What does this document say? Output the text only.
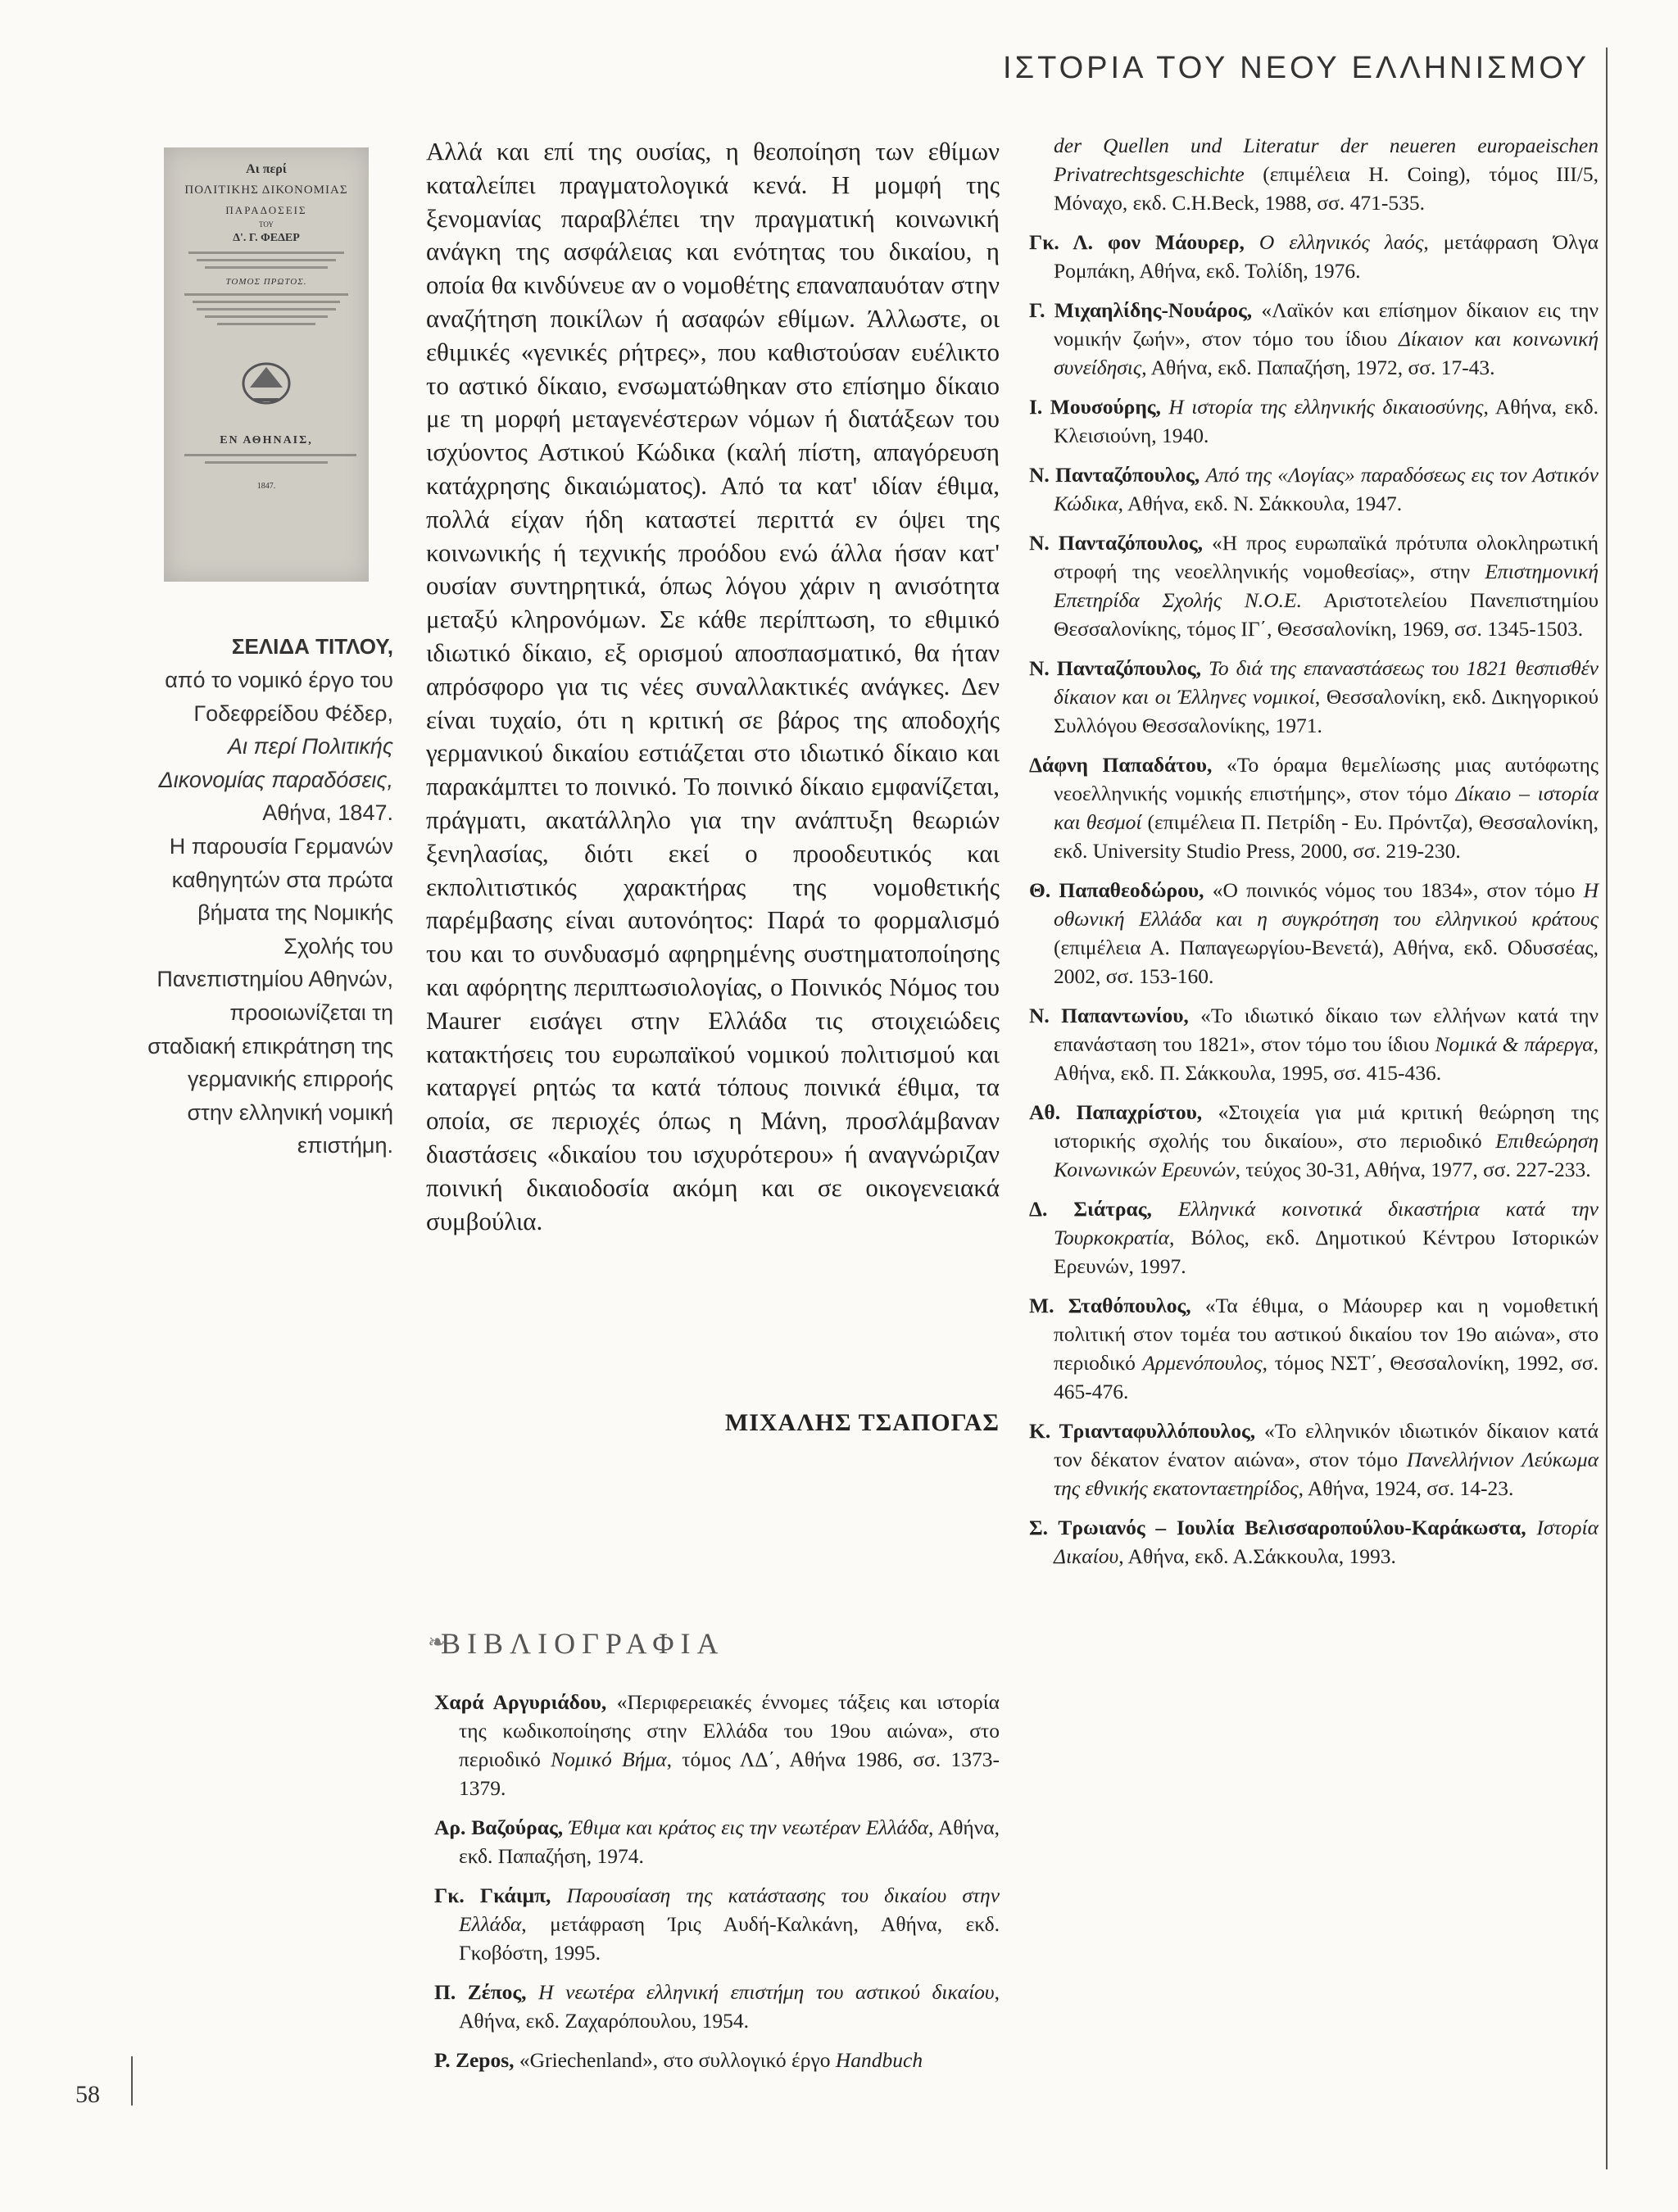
ΙΣΤΟΡΙΑ ΤΟΥ ΝΕΟΥ ΕΛΛΗΝΙΣΜΟΥ
58
Αι περί
ΠΟΛΙΤΙΚΗΣ ΔΙΚΟΝΟΜΙΑΣ
ΠΑΡΑΔΟΣΕΙΣ
ΤΟΥ
Δ'. Γ. ΦΕΔΕΡ
ΤΟΜΟΣ ΠΡΩΤΟΣ.
ΕΝ ΑΘΗΝΑΙΣ,
1847.
ΣΕΛΙΔΑ ΤΙΤΛΟΥ,
από το νομικό έργο του
Γοδεφρείδου Φέδερ,
Αι περί Πολιτικής
Δικονομίας παραδόσεις,
Αθήνα, 1847.
Η παρουσία Γερμανών
καθηγητών στα πρώτα
βήματα της Νομικής
Σχολής του
Πανεπιστημίου Αθηνών,
προοιωνίζεται τη
σταδιακή επικράτηση της
γερμανικής επιρροής
στην ελληνική νομική
επιστήμη.

Αλλά και επί της ουσίας, η θεοποίηση των εθίμων καταλείπει πραγματολογικά κενά. Η μομφή της ξενομανίας παραβλέπει την πραγματική κοινωνική ανάγκη της ασφάλειας και ενότητας του δικαίου, η οποία θα κινδύνευε αν ο νομοθέτης επαναπαυόταν στην αναζήτηση ποικίλων ή ασαφών εθίμων. Άλλωστε, οι εθιμικές «γενικές ρήτρες», που καθιστούσαν ευέλικτο το αστικό δίκαιο, ενσωματώθηκαν στο επίσημο δίκαιο με τη μορφή μεταγενέστερων νόμων ή διατάξεων του ισχύοντος Αστικού Κώδικα (καλή πίστη, απαγόρευση κατάχρησης δικαιώματος). Από τα κατ' ιδίαν έθιμα, πολλά είχαν ήδη καταστεί περιττά εν όψει της κοινωνικής ή τεχνικής προόδου ενώ άλλα ήσαν κατ' ουσίαν συντηρητικά, όπως λόγου χάριν η ανισότητα μεταξύ κληρονόμων. Σε κάθε περίπτωση, το εθιμικό ιδιωτικό δίκαιο, εξ ορισμού αποσπασματικό, θα ήταν απρόσφορο για τις νέες συναλλακτικές ανάγκες. Δεν είναι τυχαίο, ότι η κριτική σε βάρος της αποδοχής γερμανικού δικαίου εστιάζεται στο ιδιωτικό δίκαιο και παρακάμπτει το ποινικό. Το ποινικό δίκαιο εμφανίζεται, πράγματι, ακατάλληλο για την ανάπτυξη θεωριών ξενηλασίας, διότι εκεί ο προοδευτικός και εκπολιτιστικός χαρακτήρας της νομοθετικής παρέμβασης είναι αυτονόητος: Παρά το φορμαλισμό του και το συνδυασμό αφηρημένης συστηματοποίησης και αφόρητης περιπτωσιολογίας, ο Ποινικός Νόμος του Maurer εισάγει στην Ελλάδα τις στοιχειώδεις κατακτήσεις του ευρωπαϊκού νομικού πολιτισμού και καταργεί ρητώς τα κατά τόπους ποινικά έθιμα, τα οποία, σε περιοχές όπως η Μάνη, προσλάμβαναν διαστάσεις «δικαίου του ισχυρότερου» ή αναγνώριζαν ποινική δικαιοδοσία ακόμη και σε οικογενειακά συμβούλια.

ΜΙΧΑΛΗΣ ΤΣΑΠΟΓΑΣ
❧
ΒΙΒΛΙΟΓΡΑΦΙΑ
Χαρά Αργυριάδου, «Περιφερειακές έννομες τάξεις και ιστορία της κωδικοποίησης στην Ελλάδα του 19ου αιώνα», στο περιοδικό Νομικό Βήμα, τόμος ΛΔ΄, Αθήνα 1986, σσ. 1373-1379.
Αρ. Βαζούρας, Έθιμα και κράτος εις την νεωτέραν Ελλάδα, Αθήνα, εκδ. Παπαζήση, 1974.
Γκ. Γκάιμπ, Παρουσίαση της κατάστασης του δικαίου στην Ελλάδα, μετάφραση Ίρις Αυδή-Καλκάνη, Αθήνα, εκδ. Γκοβόστη, 1995.
Π. Ζέπος, Η νεωτέρα ελληνική επιστήμη του αστικού δικαίου, Αθήνα, εκδ. Ζαχαρόπουλου, 1954.
P. Zepos, «Griechenland», στο συλλογικό έργο Handbuch
der Quellen und Literatur der neueren europaeischen Privatrechtsgeschichte (επιμέλεια H. Coing), τόμος III/5, Μόναχο, εκδ. C.H.Beck, 1988, σσ. 471-535.
Γκ. Λ. φον Μάουρερ, Ο ελληνικός λαός, μετάφραση Όλγα Ρομπάκη, Αθήνα, εκδ. Τολίδη, 1976.
Γ. Μιχαηλίδης-Νουάρος, «Λαϊκόν και επίσημον δίκαιον εις την νομικήν ζωήν», στον τόμο του ίδιου Δίκαιον και κοινωνική συνείδησις, Αθήνα, εκδ. Παπαζήση, 1972, σσ. 17-43.
Ι. Μουσούρης, Η ιστορία της ελληνικής δικαιοσύνης, Αθήνα, εκδ. Κλεισιούνη, 1940.
Ν. Πανταζόπουλος, Από της «Λογίας» παραδόσεως εις τον Αστικόν Κώδικα, Αθήνα, εκδ. Ν. Σάκκουλα, 1947.
Ν. Πανταζόπουλος, «Η προς ευρωπαϊκά πρότυπα ολοκληρωτική στροφή της νεοελληνικής νομοθεσίας», στην Επιστημονική Επετηρίδα Σχολής Ν.Ο.Ε. Αριστοτελείου Πανεπιστημίου Θεσσαλονίκης, τόμος ΙΓ΄, Θεσσαλονίκη, 1969, σσ. 1345-1503.
Ν. Πανταζόπουλος, Το διά της επαναστάσεως του 1821 θεσπισθέν δίκαιον και οι Έλληνες νομικοί, Θεσσαλονίκη, εκδ. Δικηγορικού Συλλόγου Θεσσαλονίκης, 1971.
Δάφνη Παπαδάτου, «Το όραμα θεμελίωσης μιας αυτόφωτης νεοελληνικής νομικής επιστήμης», στον τόμο Δίκαιο – ιστορία και θεσμοί (επιμέλεια Π. Πετρίδη - Ευ. Πρόντζα), Θεσσαλονίκη, εκδ. University Studio Press, 2000, σσ. 219-230.
Θ. Παπαθεοδώρου, «Ο ποινικός νόμος του 1834», στον τόμο Η οθωνική Ελλάδα και η συγκρότηση του ελληνικού κράτους (επιμέλεια Α. Παπαγεωργίου-Βενετά), Αθήνα, εκδ. Οδυσσέας, 2002, σσ. 153-160.
Ν. Παπαντωνίου, «Το ιδιωτικό δίκαιο των ελλήνων κατά την επανάσταση του 1821», στον τόμο του ίδιου Νομικά & πάρεργα, Αθήνα, εκδ. Π. Σάκκουλα, 1995, σσ. 415-436.
Αθ. Παπαχρίστου, «Στοιχεία για μιά κριτική θεώρηση της ιστορικής σχολής του δικαίου», στο περιοδικό Επιθεώρηση Κοινωνικών Ερευνών, τεύχος 30-31, Αθήνα, 1977, σσ. 227-233.
Δ. Σιάτρας, Ελληνικά κοινοτικά δικαστήρια κατά την Τουρκοκρατία, Βόλος, εκδ. Δημοτικού Κέντρου Ιστορικών Ερευνών, 1997.
Μ. Σταθόπουλος, «Τα έθιμα, ο Μάουρερ και η νομοθετική πολιτική στον τομέα του αστικού δικαίου τον 19ο αιώνα», στο περιοδικό Αρμενόπουλος, τόμος ΝΣΤ΄, Θεσσαλονίκη, 1992, σσ. 465-476.
Κ. Τριανταφυλλόπουλος, «Το ελληνικόν ιδιωτικόν δίκαιον κατά τον δέκατον ένατον αιώνα», στον τόμο Πανελλήνιον Λεύκωμα της εθνικής εκατονταετηρίδος, Αθήνα, 1924, σσ. 14-23.
Σ. Τρωιανός – Ιουλία Βελισσαροπούλου-Καράκωστα, Ιστορία Δικαίου, Αθήνα, εκδ. Α.Σάκκουλα, 1993.
